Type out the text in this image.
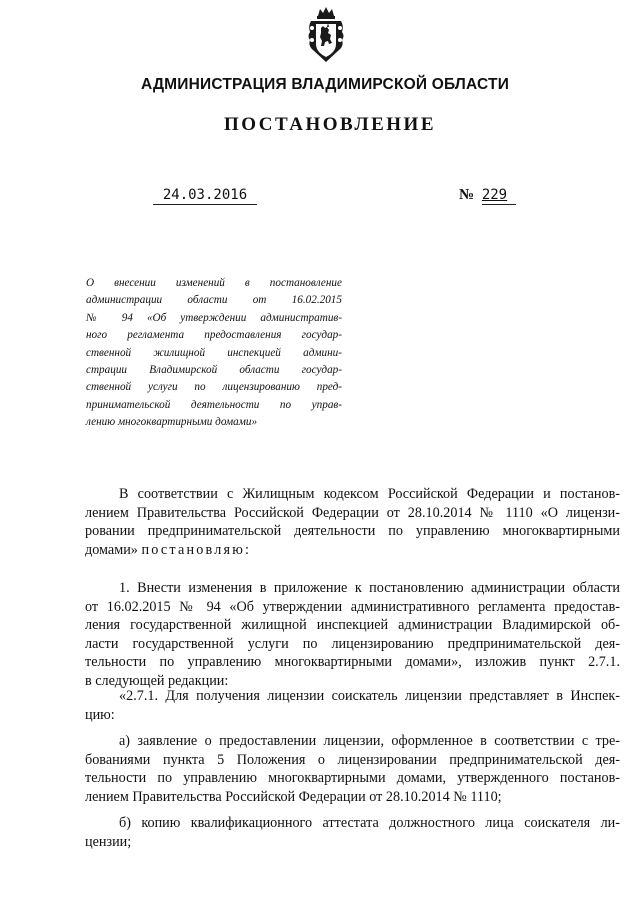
АДМИНИСТРАЦИЯ ВЛАДИМИРСКОЙ ОБЛАСТИ
ПОСТАНОВЛЕНИЕ
24.03.2016	№ 229
О внесении изменений в постановление
администрации области от 16.02.2015
№ 94 «Об утверждении административ-
ного регламента предоставления государ-
ственной жилищной инспекцией админи-
страции Владимирской области государ-
ственной услуги по лицензированию пред-
принимательской деятельности по управ-
лению многоквартирными домами»
В соответствии с Жилищным кодексом Российской Федерации и постанов-
лением Правительства Российской Федерации от 28.10.2014 № 1110 «О лицензи-
ровании предпринимательской деятельности по управлению многоквартирными
домами» постановляю:
1. Внести изменения в приложение к постановлению администрации области
от 16.02.2015 № 94 «Об утверждении административного регламента предостав-
ления государственной жилищной инспекцией администрации Владимирской об-
ласти государственной услуги по лицензированию предпринимательской дея-
тельности по управлению многоквартирными домами», изложив пункт 2.7.1.
в следующей редакции:
«2.7.1. Для получения лицензии соискатель лицензии представляет в Инспек-
цию:
а) заявление о предоставлении лицензии, оформленное в соответствии с тре-
бованиями пункта 5 Положения о лицензировании предпринимательской дея-
тельности по управлению многоквартирными домами, утвержденного постанов-
лением Правительства Российской Федерации от 28.10.2014 № 1110;
б) копию квалификационного аттестата должностного лица соискателя ли-
цензии;
